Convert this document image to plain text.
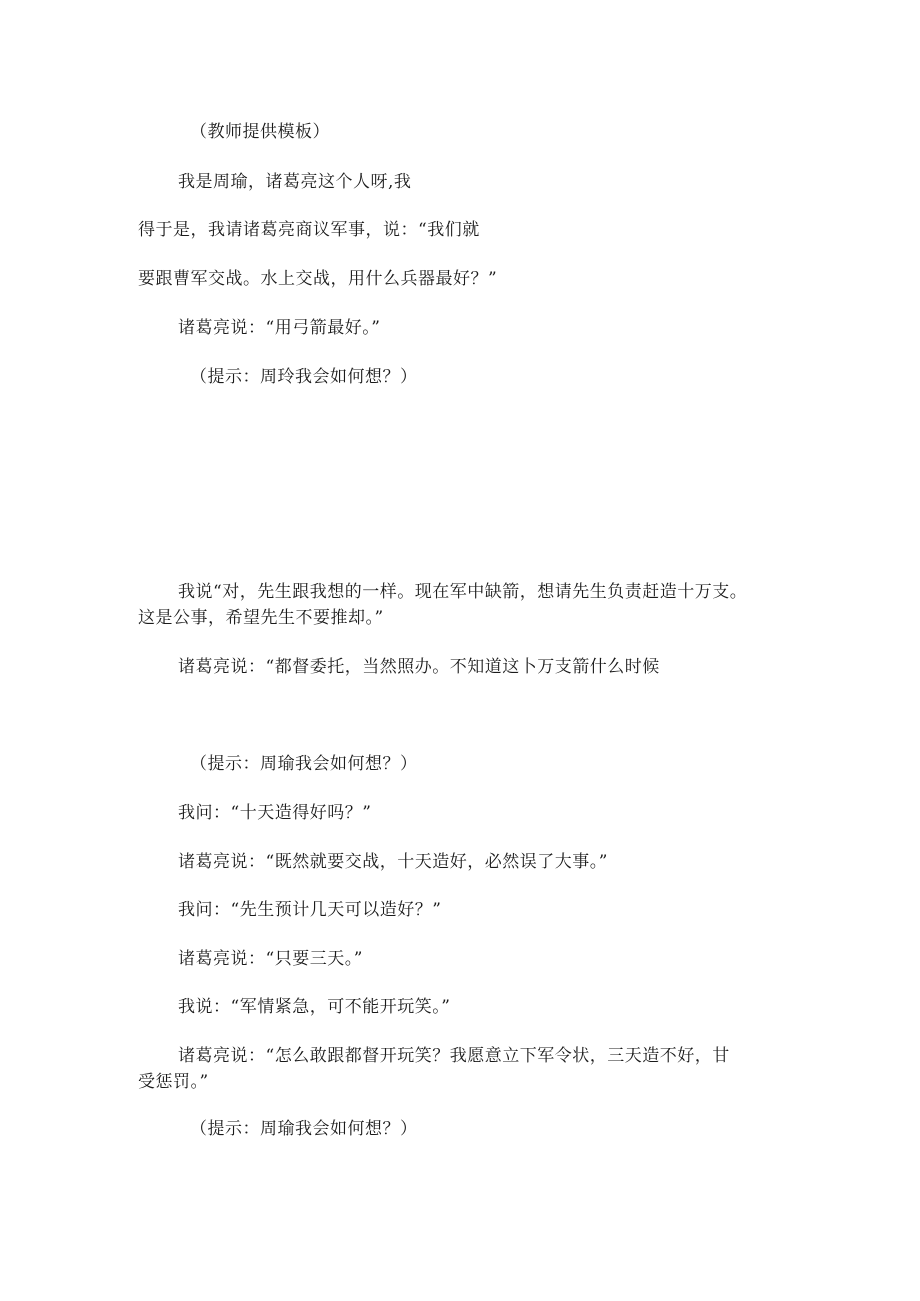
（教师提供模板）
我是周瑜，诸葛亮这个人呀,我
得于是，我请诸葛亮商议军事，说：“我们就
要跟曹军交战。水上交战，用什么兵器最好？”
诸葛亮说：“用弓箭最好。”
（提示：周玲我会如何想？）
我说“对，先生跟我想的一样。现在军中缺箭，想请先生负责赶造十万支。
这是公事，希望先生不要推却。”
诸葛亮说：“都督委托，当然照办。不知道这卜万支箭什么时候
（提示：周瑜我会如何想？）
我问：“十天造得好吗？”
诸葛亮说：“既然就要交战，十天造好，必然误了大事。”
我问：“先生预计几天可以造好？”
诸葛亮说：“只要三天。”
我说：“军情紧急，可不能开玩笑。”
诸葛亮说：“怎么敢跟都督开玩笑？我愿意立下军令状，三天造不好，甘
受惩罚。”
（提示：周瑜我会如何想？）
